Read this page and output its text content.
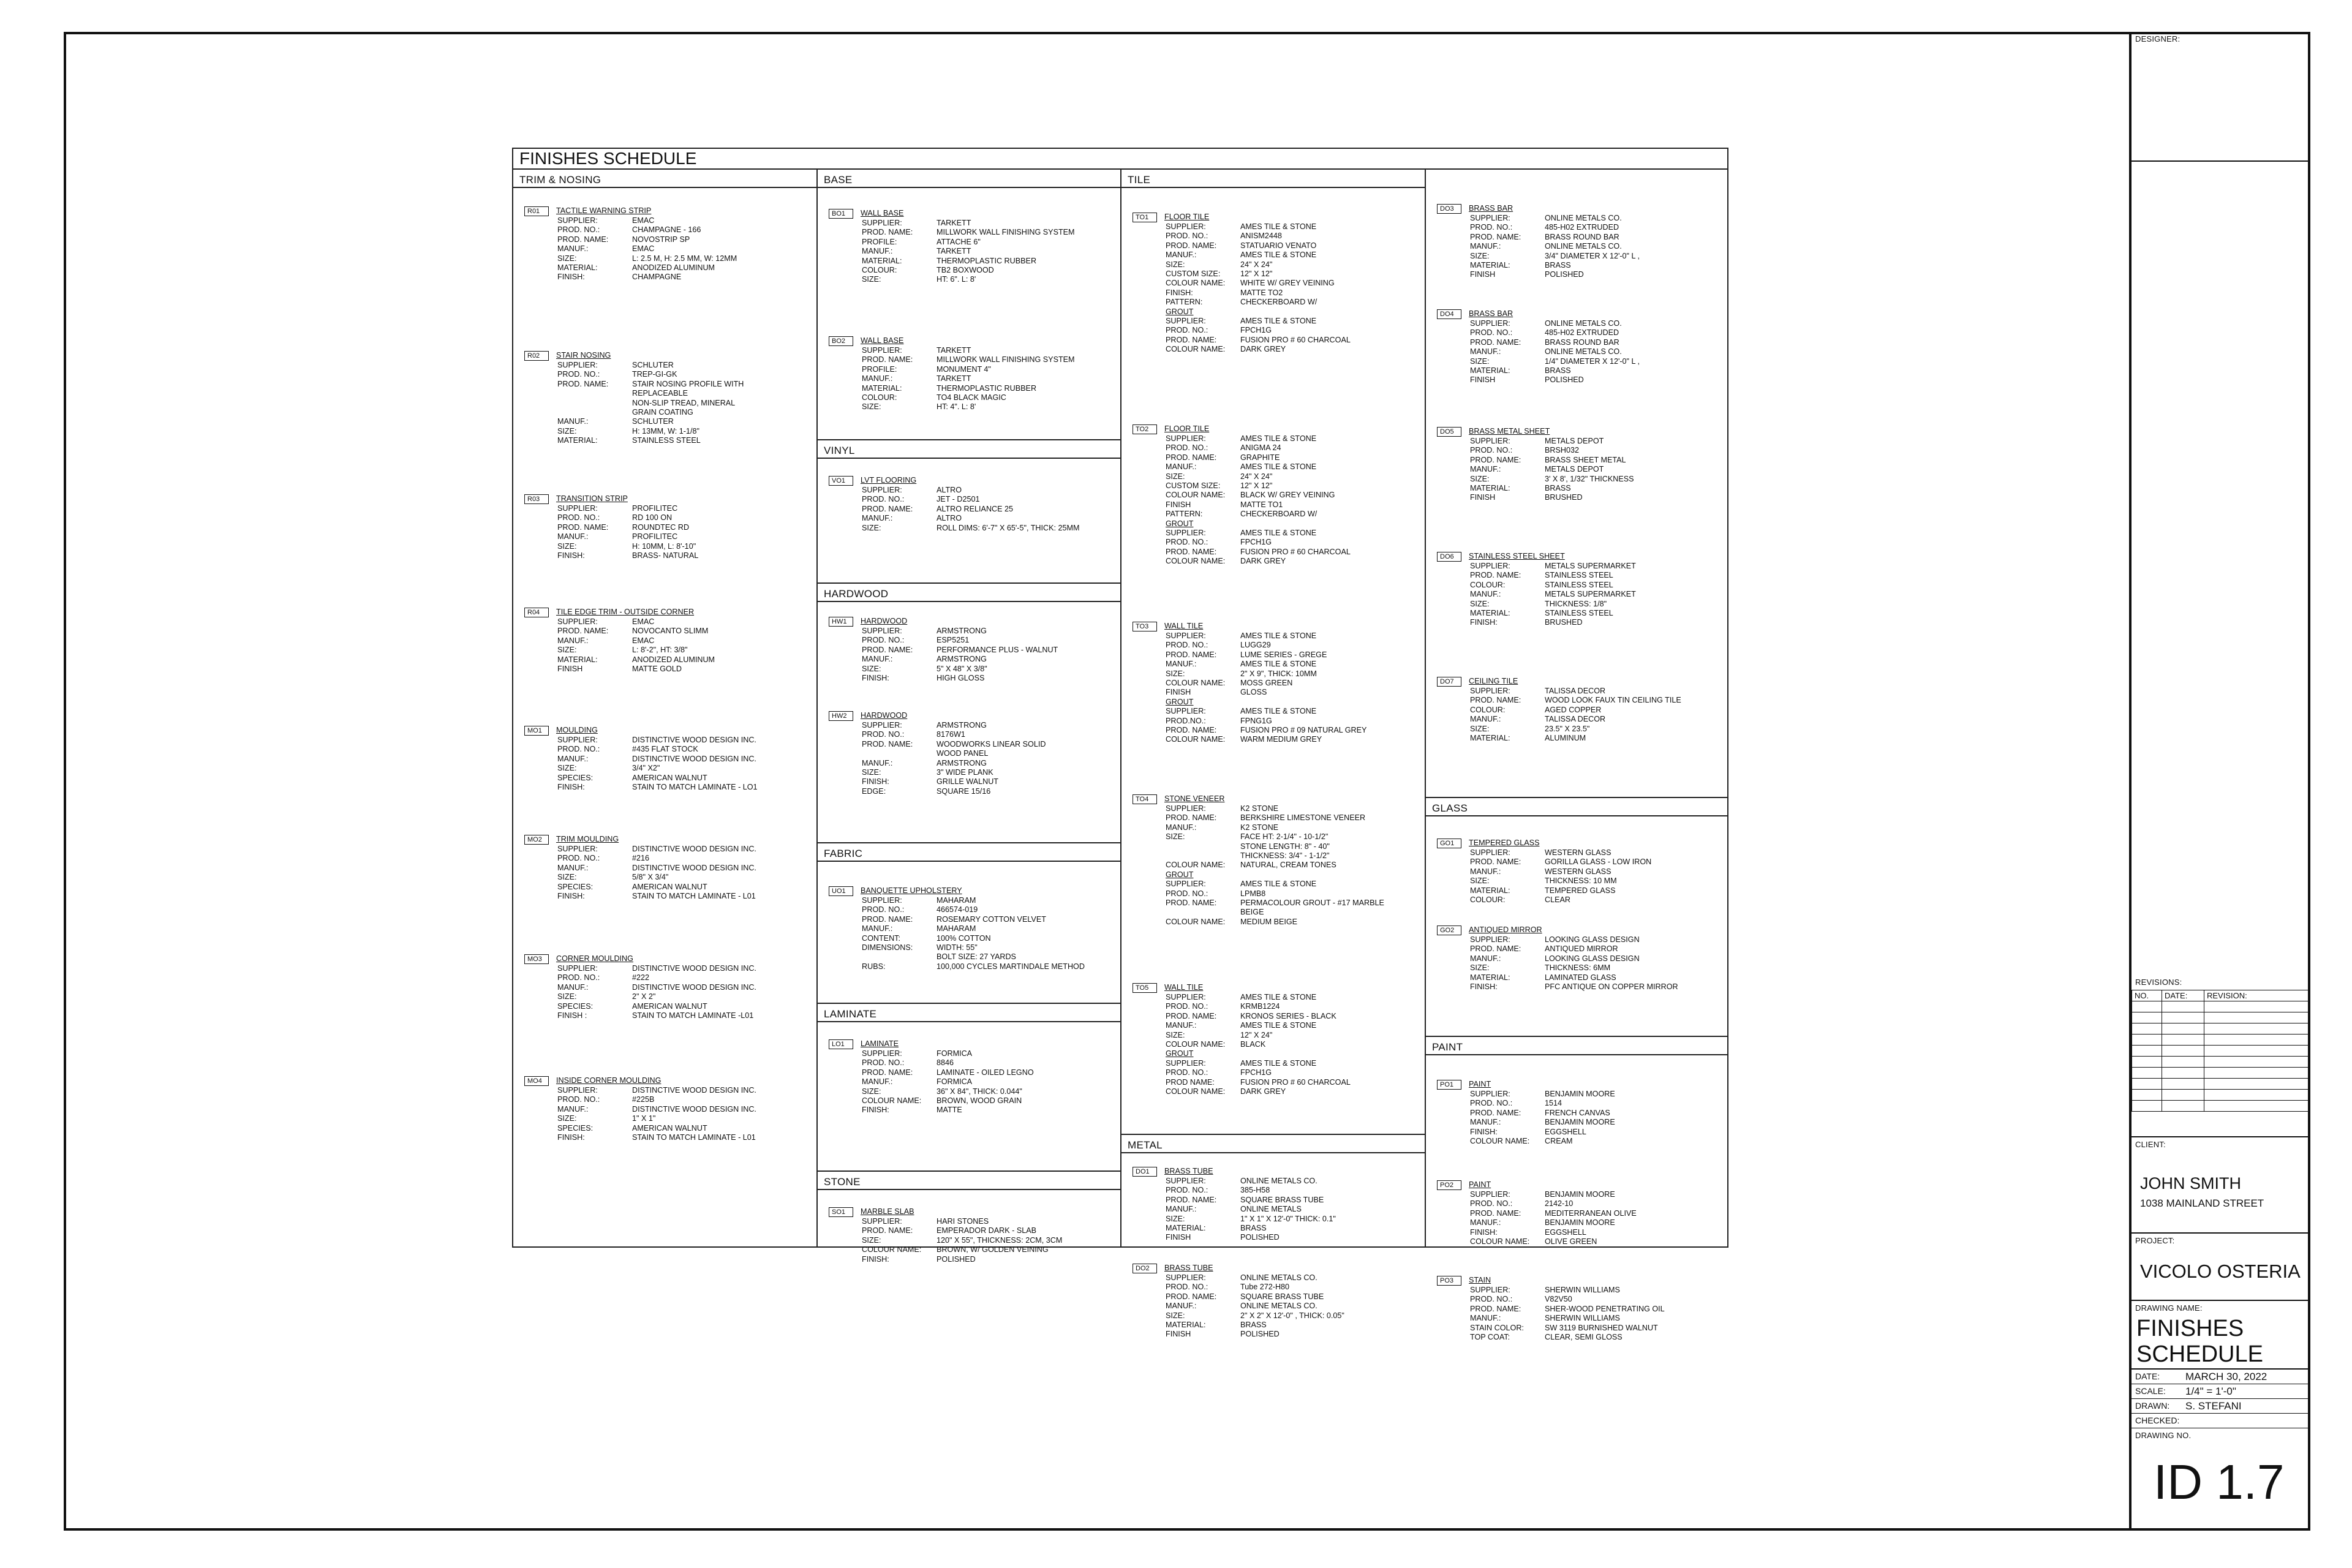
DESIGNER:
REVISIONS:
NO.	DATE:	REVISION:

CLIENT:
JOHN SMITH
1038 MAINLAND STREET
PROJECT:
VICOLO OSTERIA
DRAWING NAME:
FINISHES
SCHEDULE
DATE: MARCH 30, 2022
SCALE: 1/4" = 1'-0"
DRAWN: S. STEFANI
CHECKED:
DRAWING NO.
ID 1.7
FINISHES SCHEDULE
TRIM & NOSING
R01	TACTILE WARNING STRIP
SUPPLIER:	EMAC
PROD. NO.:	CHAMPAGNE - 166
PROD. NAME:	NOVOSTRIP SP
MANUF.:	EMAC
SIZE:	L: 2.5 M, H: 2.5 MM, W: 12MM
MATERIAL:	ANODIZED ALUMINUM
FINISH:	CHAMPAGNE
R02	STAIR NOSING
SUPPLIER:	SCHLUTER
PROD. NO.:	TREP-GI-GK
PROD. NAME:	STAIR NOSING PROFILE WITH
REPLACEABLE
NON-SLIP TREAD, MINERAL
GRAIN COATING
MANUF.:	SCHLUTER
SIZE:	H: 13MM, W: 1-1/8"
MATERIAL:	STAINLESS STEEL
R03	TRANSITION STRIP
SUPPLIER:	PROFILITEC
PROD. NO.:	RD 100 ON
PROD. NAME:	ROUNDTEC RD
MANUF.:	PROFILITEC
SIZE:	H: 10MM, L: 8'-10"
FINISH:	BRASS- NATURAL
R04	TILE EDGE TRIM - OUTSIDE CORNER
SUPPLIER:	EMAC
PROD. NAME:	NOVOCANTO SLIMM
MANUF.:	EMAC
SIZE:	L: 8'-2", HT: 3/8"
MATERIAL:	ANODIZED ALUMINUM
FINISH	MATTE GOLD
MO1	MOULDING
SUPPLIER:	DISTINCTIVE WOOD DESIGN INC.
PROD. NO.:	#435 FLAT STOCK
MANUF.:	DISTINCTIVE WOOD DESIGN INC.
SIZE:	3/4" X2"
SPECIES:	AMERICAN WALNUT
FINISH:	STAIN TO MATCH LAMINATE - LO1
MO2	TRIM MOULDING
SUPPLIER:	DISTINCTIVE WOOD DESIGN INC.
PROD. NO.:	#216
MANUF.:	DISTINCTIVE WOOD DESIGN INC.
SIZE:	5/8" X 3/4"
SPECIES:	AMERICAN WALNUT
FINISH:	STAIN TO MATCH LAMINATE - L01
MO3	CORNER MOULDING
SUPPLIER:	DISTINCTIVE WOOD DESIGN INC.
PROD. NO.:	#222
MANUF.:	DISTINCTIVE WOOD DESIGN INC.
SIZE:	2" X 2"
SPECIES:	AMERICAN WALNUT
FINISH :	STAIN TO MATCH LAMINATE -L01
MO4	INSIDE CORNER MOULDING
SUPPLIER:	DISTINCTIVE WOOD DESIGN INC.
PROD. NO.:	#225B
MANUF.:	DISTINCTIVE WOOD DESIGN INC.
SIZE:	1" X 1"
SPECIES:	AMERICAN WALNUT
FINISH:	STAIN TO MATCH LAMINATE - L01
BASE
BO1	WALL BASE
SUPPLIER:	TARKETT
PROD. NAME:	MILLWORK WALL FINISHING SYSTEM
PROFILE:	ATTACHE 6"
MANUF.:	TARKETT
MATERIAL:	THERMOPLASTIC RUBBER
COLOUR:	TB2 BOXWOOD
SIZE:	HT: 6". L: 8'
BO2	WALL BASE
SUPPLIER:	TARKETT
PROD. NAME:	MILLWORK WALL FINISHING SYSTEM
PROFILE:	MONUMENT 4"
MANUF.:	TARKETT
MATERIAL:	THERMOPLASTIC RUBBER
COLOUR:	TO4 BLACK MAGIC
SIZE:	HT: 4". L: 8'
VINYL
VO1	LVT FLOORING
SUPPLIER:	ALTRO
PROD. NO.:	JET - D2501
PROD. NAME:	ALTRO RELIANCE 25
MANUF.:	ALTRO
SIZE:	ROLL DIMS: 6'-7" X 65'-5", THICK: 25MM
HARDWOOD
HW1	HARDWOOD
SUPPLIER:	ARMSTRONG
PROD. NO.:	ESP5251
PROD. NAME:	PERFORMANCE PLUS - WALNUT
MANUF.:	ARMSTRONG
SIZE:	5" X 48" X 3/8"
FINISH:	HIGH GLOSS
HW2	HARDWOOD
SUPPLIER:	ARMSTRONG
PROD. NO.:	8176W1
PROD. NAME:	WOODWORKS LINEAR SOLID
WOOD PANEL
MANUF.:	ARMSTRONG
SIZE:	3" WIDE PLANK
FINISH:	GRILLE WALNUT
EDGE:	SQUARE 15/16
FABRIC
UO1	BANQUETTE UPHOLSTERY
SUPPLIER:	MAHARAM
PROD. NO.:	466574-019
PROD. NAME:	ROSEMARY COTTON VELVET
MANUF.:	MAHARAM
CONTENT:	100% COTTON
DIMENSIONS:	WIDTH: 55"
BOLT SIZE: 27 YARDS
RUBS:	100,000 CYCLES MARTINDALE METHOD
LAMINATE
LO1	LAMINATE
SUPPLIER:	FORMICA
PROD. NO.:	8846
PROD. NAME:	LAMINATE - OILED LEGNO
MANUF.:	FORMICA
SIZE:	36" X 84", THICK: 0.044"
COLOUR NAME:	BROWN, WOOD GRAIN
FINISH:	MATTE
STONE
SO1	MARBLE SLAB
SUPPLIER:	HARI STONES
PROD. NAME:	EMPERADOR DARK - SLAB
SIZE:	120" X 55", THICKNESS: 2CM, 3CM
COLOUR NAME:	BROWN, W/ GOLDEN VEINING
FINISH:	POLISHED
TILE
TO1	FLOOR TILE
SUPPLIER:	AMES TILE & STONE
PROD. NO.:	ANISM2448
PROD. NAME:	STATUARIO VENATO
MANUF.:	AMES TILE & STONE
SIZE:	24" X 24"
CUSTOM SIZE:	12" X 12"
COLOUR NAME:	WHITE W/ GREY VEINING
FINISH:	MATTE TO2
PATTERN:	CHECKERBOARD W/
GROUT
SUPPLIER:	AMES TILE & STONE
PROD. NO.:	FPCH1G
PROD. NAME:	FUSION PRO # 60 CHARCOAL
COLOUR NAME:	DARK GREY
TO2	FLOOR TILE
SUPPLIER:	AMES TILE & STONE
PROD. NO.:	ANIGMA 24
PROD. NAME:	GRAPHITE
MANUF.:	AMES TILE & STONE
SIZE:	24" X 24"
CUSTOM SIZE:	12" X 12"
COLOUR NAME:	BLACK W/ GREY VEINING
FINISH	MATTE TO1
PATTERN:	CHECKERBOARD W/
GROUT
SUPPLIER:	AMES TILE & STONE
PROD. NO.:	FPCH1G
PROD. NAME:	FUSION PRO # 60 CHARCOAL
COLOUR NAME:	DARK GREY
TO3	WALL TILE
SUPPLIER:	AMES TILE & STONE
PROD. NO.:	LUGG29
PROD. NAME:	LUME SERIES - GREGE
MANUF.:	AMES TILE & STONE
SIZE:	2" X 9", THICK: 10MM
COLOUR NAME:	MOSS GREEN
FINISH	GLOSS
GROUT
SUPPLIER:	AMES TILE & STONE
PROD.NO.:	FPNG1G
PROD. NAME:	FUSION PRO # 09 NATURAL GREY
COLOUR NAME:	WARM MEDIUM GREY
TO4	STONE VENEER
SUPPLIER:	K2 STONE
PROD. NAME:	BERKSHIRE LIMESTONE VENEER
MANUF.:	K2 STONE
SIZE:	FACE HT: 2-1/4" - 10-1/2"
STONE LENGTH: 8" - 40"
THICKNESS: 3/4" - 1-1/2"
COLOUR NAME:	NATURAL, CREAM TONES
GROUT
SUPPLIER:	AMES TILE & STONE
PROD. NO.:	LPMB8
PROD. NAME:	PERMACOLOUR GROUT - #17 MARBLE
BEIGE
COLOUR NAME:	MEDIUM BEIGE
TO5	WALL TILE
SUPPLIER:	AMES TILE & STONE
PROD. NO.:	KRMB1224
PROD. NAME:	KRONOS SERIES - BLACK
MANUF.:	AMES TILE & STONE
SIZE:	12" X 24"
COLOUR NAME:	BLACK
GROUT
SUPPLIER:	AMES TILE & STONE
PROD. NO.:	FPCH1G
PROD NAME:	FUSION PRO # 60 CHARCOAL
COLOUR NAME:	DARK GREY
METAL
DO1	BRASS TUBE
SUPPLIER:	ONLINE METALS CO.
PROD. NO.:	385-H58
PROD. NAME:	SQUARE BRASS TUBE
MANUF.:	ONLINE METALS
SIZE:	1" X 1" X 12'-0" THICK: 0.1"
MATERIAL:	BRASS
FINISH	POLISHED
DO2	BRASS TUBE
SUPPLIER:	ONLINE METALS CO.
PROD. NO.:	Tube 272-H80
PROD. NAME:	SQUARE BRASS TUBE
MANUF.:	ONLINE METALS CO.
SIZE:	2" X 2" X 12'-0" , THICK: 0.05"
MATERIAL:	BRASS
FINISH	POLISHED
DO3	BRASS BAR
SUPPLIER:	ONLINE METALS CO.
PROD. NO.:	485-H02 EXTRUDED
PROD. NAME:	BRASS ROUND BAR
MANUF.:	ONLINE METALS CO.
SIZE:	3/4" DIAMETER X 12'-0" L ,
MATERIAL:	BRASS
FINISH	POLISHED
DO4	BRASS BAR
SUPPLIER:	ONLINE METALS CO.
PROD. NO.:	485-H02 EXTRUDED
PROD. NAME:	BRASS ROUND BAR
MANUF.:	ONLINE METALS CO.
SIZE:	1/4" DIAMETER X 12'-0" L ,
MATERIAL:	BRASS
FINISH	POLISHED
DO5	BRASS METAL SHEET
SUPPLIER:	METALS DEPOT
PROD. NO.:	BRSH032
PROD. NAME:	BRASS SHEET METAL
MANUF.:	METALS DEPOT
SIZE:	3' X 8', 1/32" THICKNESS
MATERIAL:	BRASS
FINISH	BRUSHED
DO6	STAINLESS STEEL SHEET
SUPPLIER:	METALS SUPERMARKET
PROD. NAME:	STAINLESS STEEL
COLOUR:	STAINLESS STEEL
MANUF.:	METALS SUPERMARKET
SIZE:	THICKNESS: 1/8"
MATERIAL:	STAINLESS STEEL
FINISH:	BRUSHED
DO7	CEILING TILE
SUPPLIER:	TALISSA DECOR
PROD. NAME:	WOOD LOOK FAUX TIN CEILING TILE
COLOUR:	AGED COPPER
MANUF.:	TALISSA DECOR
SIZE:	23.5" X 23.5"
MATERIAL:	ALUMINUM
GLASS
GO1	TEMPERED GLASS
SUPPLIER:	WESTERN GLASS
PROD. NAME:	GORILLA GLASS - LOW IRON
MANUF.:	WESTERN GLASS
SIZE:	THICKNESS: 10 MM
MATERIAL:	TEMPERED GLASS
COLOUR:	CLEAR
GO2	ANTIQUED MIRROR
SUPPLIER:	LOOKING GLASS DESIGN
PROD. NAME:	ANTIQUED MIRROR
MANUF.:	LOOKING GLASS DESIGN
SIZE:	THICKNESS: 6MM
MATERIAL:	LAMINATED GLASS
FINISH:	PFC ANTIQUE ON COPPER MIRROR
PAINT
PO1	PAINT
SUPPLIER:	BENJAMIN MOORE
PROD. NO.:	1514
PROD. NAME:	FRENCH CANVAS
MANUF.:	BENJAMIN MOORE
FINISH:	EGGSHELL
COLOUR NAME:	CREAM
PO2	PAINT
SUPPLIER:	BENJAMIN MOORE
PROD. NO.:	2142-10
PROD. NAME:	MEDITERRANEAN OLIVE
MANUF.:	BENJAMIN MOORE
FINISH:	EGGSHELL
COLOUR NAME:	OLIVE GREEN
PO3	STAIN
SUPPLIER:	SHERWIN WILLIAMS
PROD. NO.:	V82V50
PROD. NAME:	SHER-WOOD PENETRATING OIL
MANUF.:	SHERWIN WILLIAMS
STAIN COLOR:	SW 3119 BURNISHED WALNUT
TOP COAT:	CLEAR, SEMI GLOSS
